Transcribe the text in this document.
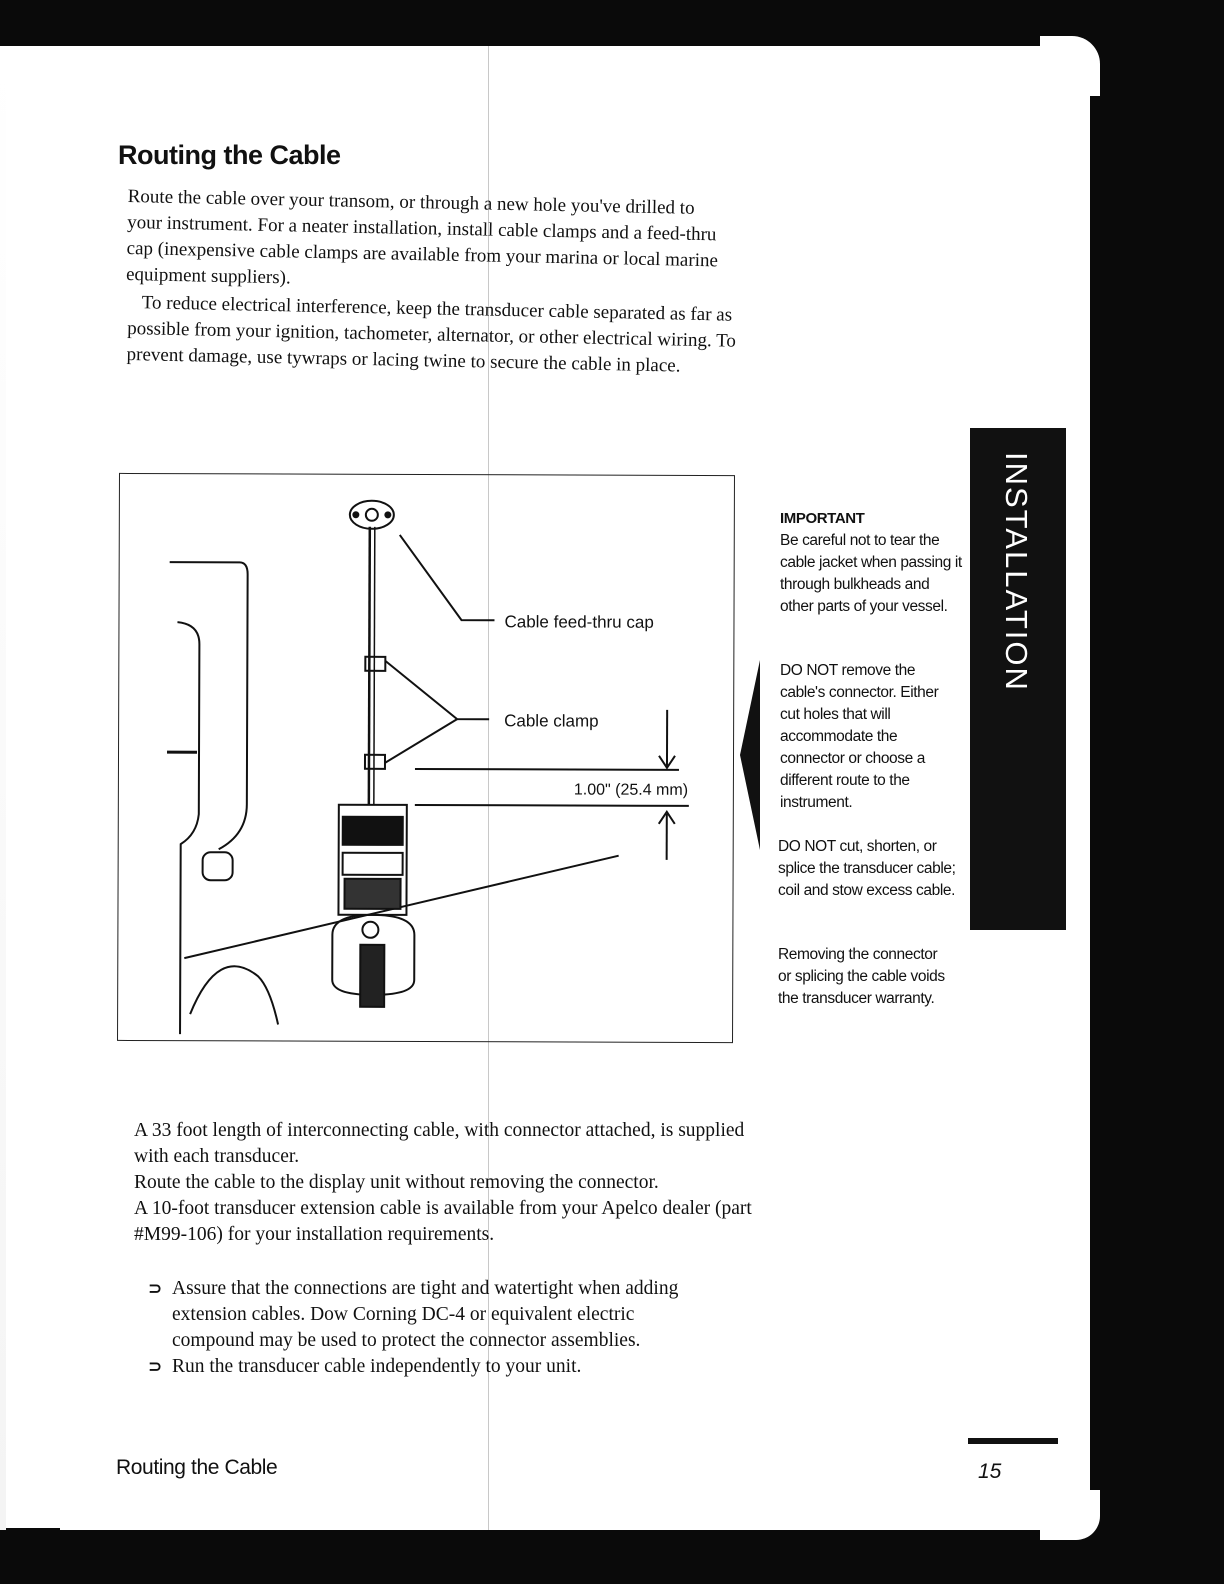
Routing the Cable

Route the cable over your transom, or through a new hole you've drilled to your instrument. For a neater installation, install cable clamps and a feed-thru cap (inexpensive cable clamps are available from your marina or local marine equipment suppliers).

To reduce electrical interference, keep the transducer cable separated as far as possible from your ignition, tachometer, alternator, or other electrical wiring. To prevent damage, use tywraps or lacing twine to secure the cable in place.

Cable feed-thru cap
Cable clamp
1.00" (25.4 mm)
IMPORTANT
Be careful not to tear the cable jacket when passing it through bulkheads and other parts of your vessel.

DO NOT remove the cable's connector. Either cut holes that will accommodate the connector or choose a different route to the instrument.

DO NOT cut, shorten, or splice the transducer cable; coil and stow excess cable.

Removing the connector or splicing the cable voids the transducer warranty.

INSTALLATION
A 33 foot length of interconnecting cable, with connector attached, is supplied with each transducer.
Route the cable to the display unit without removing the connector.
A 10-foot transducer extension cable is available from your Apelco dealer (part #M99-106) for your installation requirements.
⊃ Assure that the connections are tight and watertight when adding extension cables. Dow Corning DC-4 or equivalent electric compound may be used to protect the connector assemblies.
⊃ Run the transducer cable independently to your unit.
Routing the Cable	15
